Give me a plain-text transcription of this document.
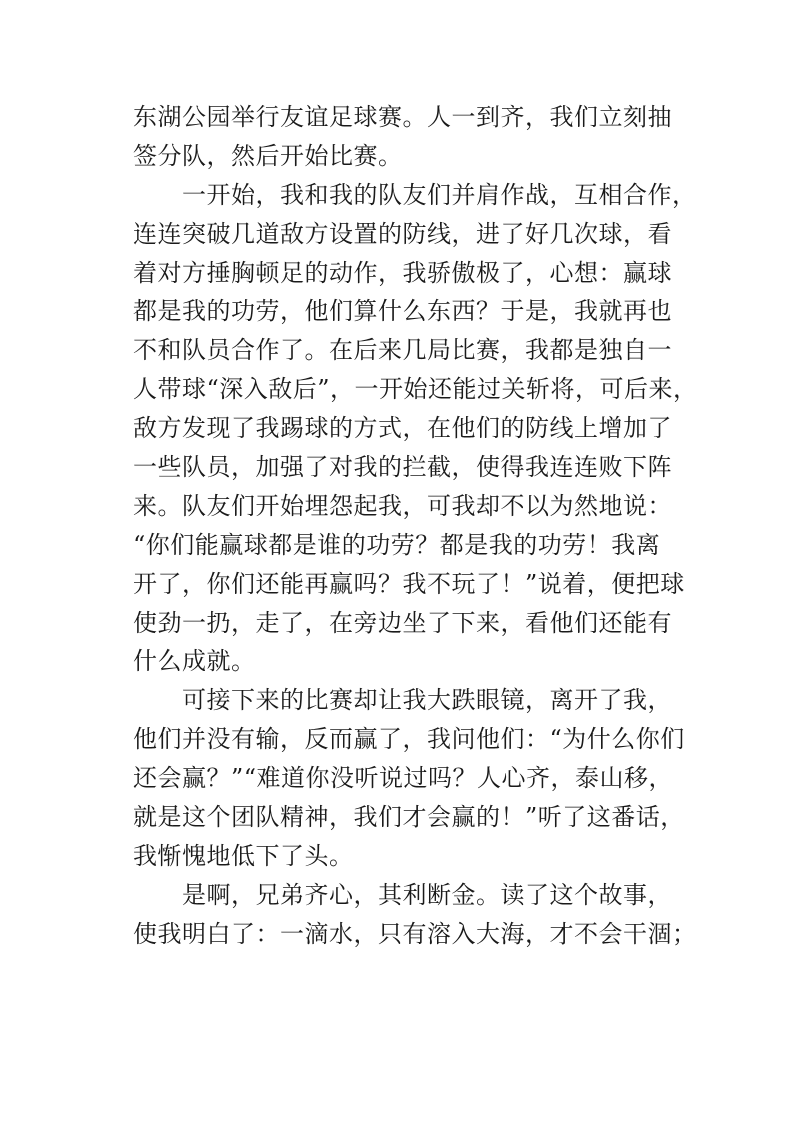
东湖公园举行友谊足球赛。人一到齐，我们立刻抽
签分队，然后开始比赛。
　　一开始，我和我的队友们并肩作战，互相合作，
连连突破几道敌方设置的防线，进了好几次球，看
着对方捶胸顿足的动作，我骄傲极了，心想：赢球
都是我的功劳，他们算什么东西？于是，我就再也
不和队员合作了。在后来几局比赛，我都是独自一
人带球“深入敌后”，一开始还能过关斩将，可后来，
敌方发现了我踢球的方式，在他们的防线上增加了
一些队员，加强了对我的拦截，使得我连连败下阵
来。队友们开始埋怨起我，可我却不以为然地说：
“你们能赢球都是谁的功劳？都是我的功劳！我离
开了，你们还能再赢吗？我不玩了！”说着，便把球
使劲一扔，走了，在旁边坐了下来，看他们还能有
什么成就。
　　可接下来的比赛却让我大跌眼镜，离开了我，
他们并没有输，反而赢了，我问他们：“为什么你们
还会赢？”“难道你没听说过吗？人心齐，泰山移，
就是这个团队精神，我们才会赢的！”听了这番话，
我惭愧地低下了头。
　　是啊，兄弟齐心，其利断金。读了这个故事，
使我明白了：一滴水，只有溶入大海，才不会干涸；
